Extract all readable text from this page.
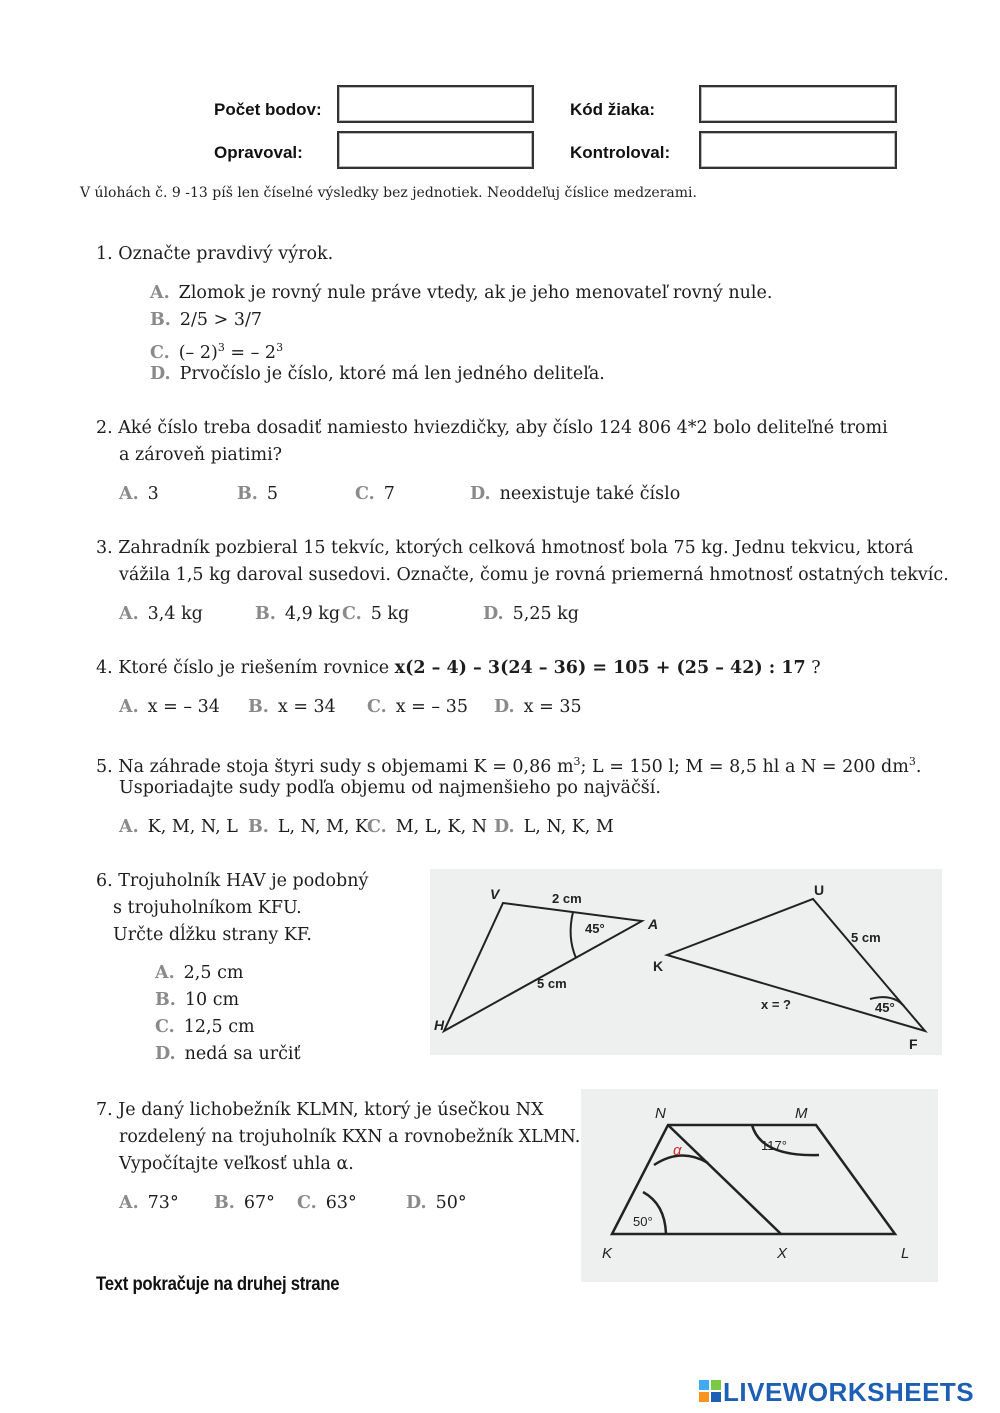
Počet bodov:	Kód žiaka:
Opravoval:	Kontroloval:
V úlohách č. 9 -13 píš len číselné výsledky bez jednotiek. Neoddeľuj číslice medzerami.
1. Označte pravdivý výrok.
A. Zlomok je rovný nule práve vtedy, ak je jeho menovateľ rovný nule.
B. 2/5 > 3/7
C. (– 2)$^3$ = – $2^3$
D. Prvočíslo je číslo, ktoré má len jedného deliteľa.
2. Aké číslo treba dosadiť namiesto hviezdičky, aby číslo 124 806 4*2 bolo deliteľné tromi
a zároveň piatimi?
A. 3	B. 5	C. 7	D. neexistuje také číslo
3. Zahradník pozbieral 15 tekvíc, ktorých celková hmotnosť bola 75 kg. Jednu tekvicu, ktorá
vážila 1,5 kg daroval susedovi. Označte, čomu je rovná priemerná hmotnosť ostatných tekvíc.
A. 3,4 kg	B. 4,9 kg C. 5 kg	D. 5,25 kg
4. Ktoré číslo je riešením rovnice x(2 – 4) – 3(24 – 36) = 105 + (25 – 42) : 17 ?
A. x = – 34 B. x = 34 C. x = – 35 D. x = 35
5. Na záhrade stoja štyri sudy s objemami K = 0,86 $m^3$; L = 150 l; M = 8,5 hl a N = 200 $dm^3$.
Usporiadajte sudy podľa objemu od najmenšieho po najväčší.
A. K, M, N, L B. L, N, M, K
C. M, L, K, N D. L, N, K, M
6. Trojuholník HAV je podobný
s trojuholníkom KFU.
Určte dĺžku strany KF.
A. 2,5 cm
B. 10 cm
C. 12,5 cm
D. nedá sa určiť
V
A
H
2 cm
5 cm
45°
U
K
F
5 cm
x = ?	45°
7. Je daný lichobežník KLMN, ktorý je úsečkou NX
rozdelený na trojuholník KXN a rovnobežník XLMN.
Vypočítajte veľkosť uhla α.
A. 73° B. 67° C. 63°	D. 50°
N	M
K	X	L
α	117°
50°
Text pokračuje na druhej strane
LIVEWORKSHEETS
